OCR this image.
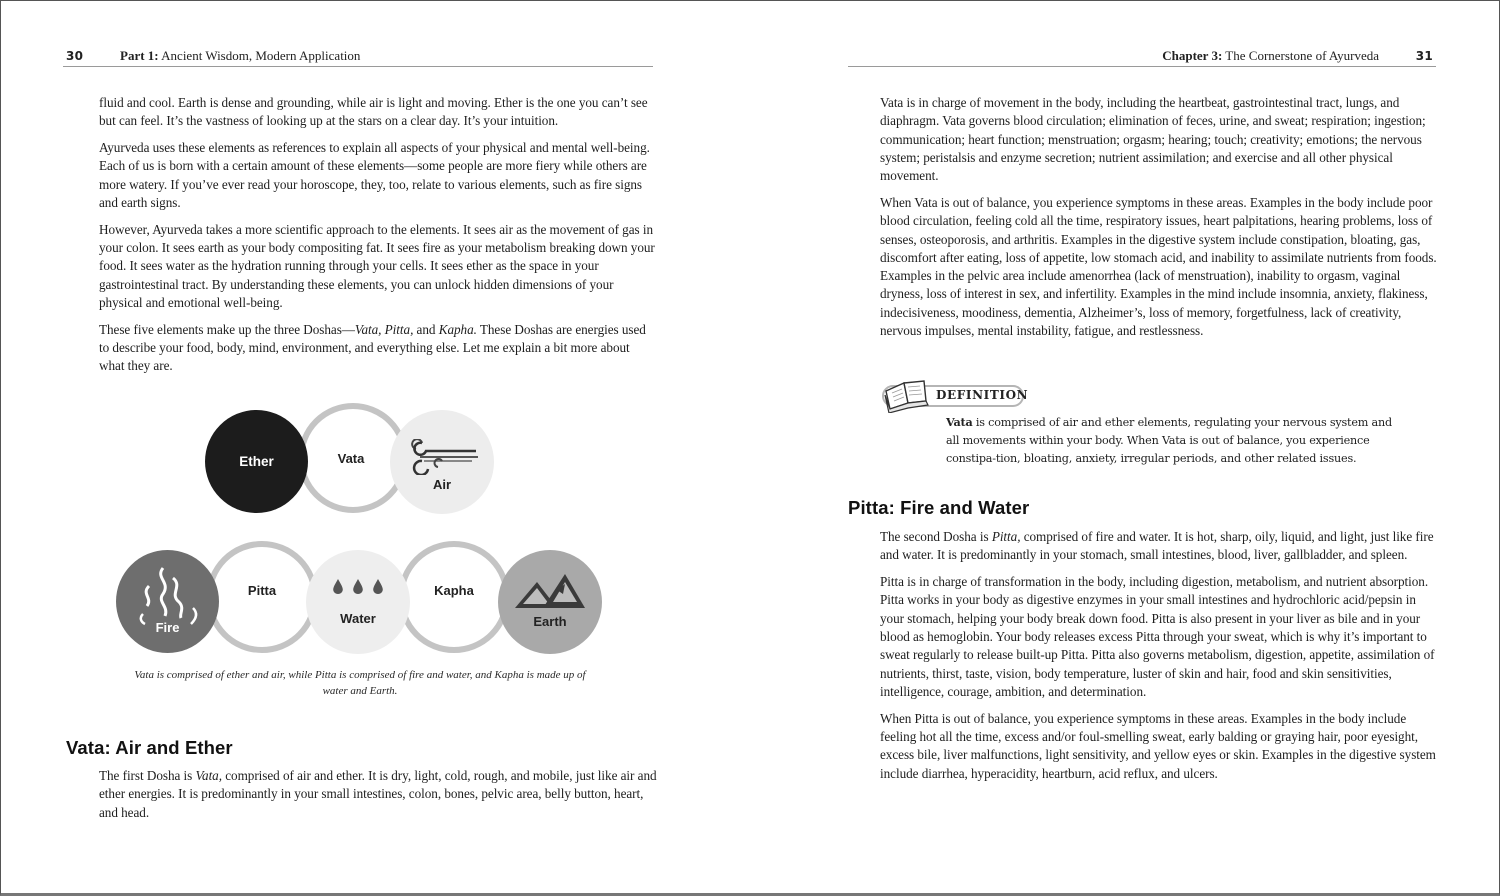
30	Part 1: Ancient Wisdom, Modern Application

fluid and cool. Earth is dense and grounding, while air is light and moving. Ether is the one you can’t see but can feel. It’s the vastness of looking up at the stars on a clear day. It’s your intuition.

Ayurveda uses these elements as references to explain all aspects of your physical and mental well-being. Each of us is born with a certain amount of these elements—some people are more fiery while others are more watery. If you’ve ever read your horoscope, they, too, relate to various elements, such as fire signs and earth signs.

However, Ayurveda takes a more scientific approach to the elements. It sees air as the movement of gas in your colon. It sees earth as your body compositing fat. It sees fire as your metabolism breaking down your food. It sees water as the hydration running through your cells. It sees ether as the space in your gastrointestinal tract. By understanding these elements, you can unlock hidden dimensions of your physical and emotional well-being.

These five elements make up the three Doshas—Vata, Pitta, and Kapha. These Doshas are energies used to describe your food, body, mind, environment, and everything else. Let me explain a bit more about what they are.

Vata
Ether
Air
Pitta	Kapha
Fire
Water	Earth
Vata is comprised of ether and air, while Pitta is comprised of fire and water, and Kapha is made up of water and Earth.
Vata: Air and Ether

The first Dosha is Vata, comprised of air and ether. It is dry, light, cold, rough, and mobile, just like air and ether energies. It is predominantly in your small intestines, colon, bones, pelvic area, belly button, heart, and head.

Chapter 3: The Cornerstone of Ayurveda	31

Vata is in charge of movement in the body, including the heartbeat, gastrointestinal tract, lungs, and diaphragm. Vata governs blood circulation; elimination of feces, urine, and sweat; respiration; ingestion; communication; heart function; menstruation; orgasm; hearing; touch; creativity; emotions; the nervous system; peristalsis and enzyme secretion; nutrient assimilation; and exercise and all other physical movement.

When Vata is out of balance, you experience symptoms in these areas. Examples in the body include poor blood circulation, feeling cold all the time, respiratory issues, heart palpitations, hearing problems, loss of senses, osteoporosis, and arthritis. Examples in the digestive system include constipation, bloating, gas, discomfort after eating, loss of appetite, low stomach acid, and inability to assimilate nutrients from foods. Examples in the pelvic area include amenorrhea (lack of menstruation), inability to orgasm, vaginal dryness, loss of interest in sex, and infertility. Examples in the mind include insomnia, anxiety, flakiness, indecisiveness, moodiness, dementia, Alzheimer’s, loss of memory, forgetfulness, lack of creativity, nervous impulses, mental instability, fatigue, and restlessness.

DEFINITION
Vata is comprised of air and ether elements, regulating your nervous system and all movements within your body. When Vata is out of balance, you experience constipa-tion, bloating, anxiety, irregular periods, and other related issues.
Pitta: Fire and Water

The second Dosha is Pitta, comprised of fire and water. It is hot, sharp, oily, liquid, and light, just like fire and water. It is predominantly in your stomach, small intestines, blood, liver, gallbladder, and spleen.

Pitta is in charge of transformation in the body, including digestion, metabolism, and nutrient absorption. Pitta works in your body as digestive enzymes in your small intestines and hydrochloric acid/pepsin in your stomach, helping your body break down food. Pitta is also present in your liver as bile and in your blood as hemoglobin. Your body releases excess Pitta through your sweat, which is why it’s important to sweat regularly to release built-up Pitta. Pitta also governs metabolism, digestion, appetite, assimilation of nutrients, thirst, taste, vision, body temperature, luster of skin and hair, food and skin sensitivities, intelligence, courage, ambition, and determination.

When Pitta is out of balance, you experience symptoms in these areas. Examples in the body include feeling hot all the time, excess and/or foul-smelling sweat, early balding or graying hair, poor eyesight, excess bile, liver malfunctions, light sensitivity, and yellow eyes or skin. Examples in the digestive system include diarrhea, hyperacidity, heartburn, acid reflux, and ulcers.
